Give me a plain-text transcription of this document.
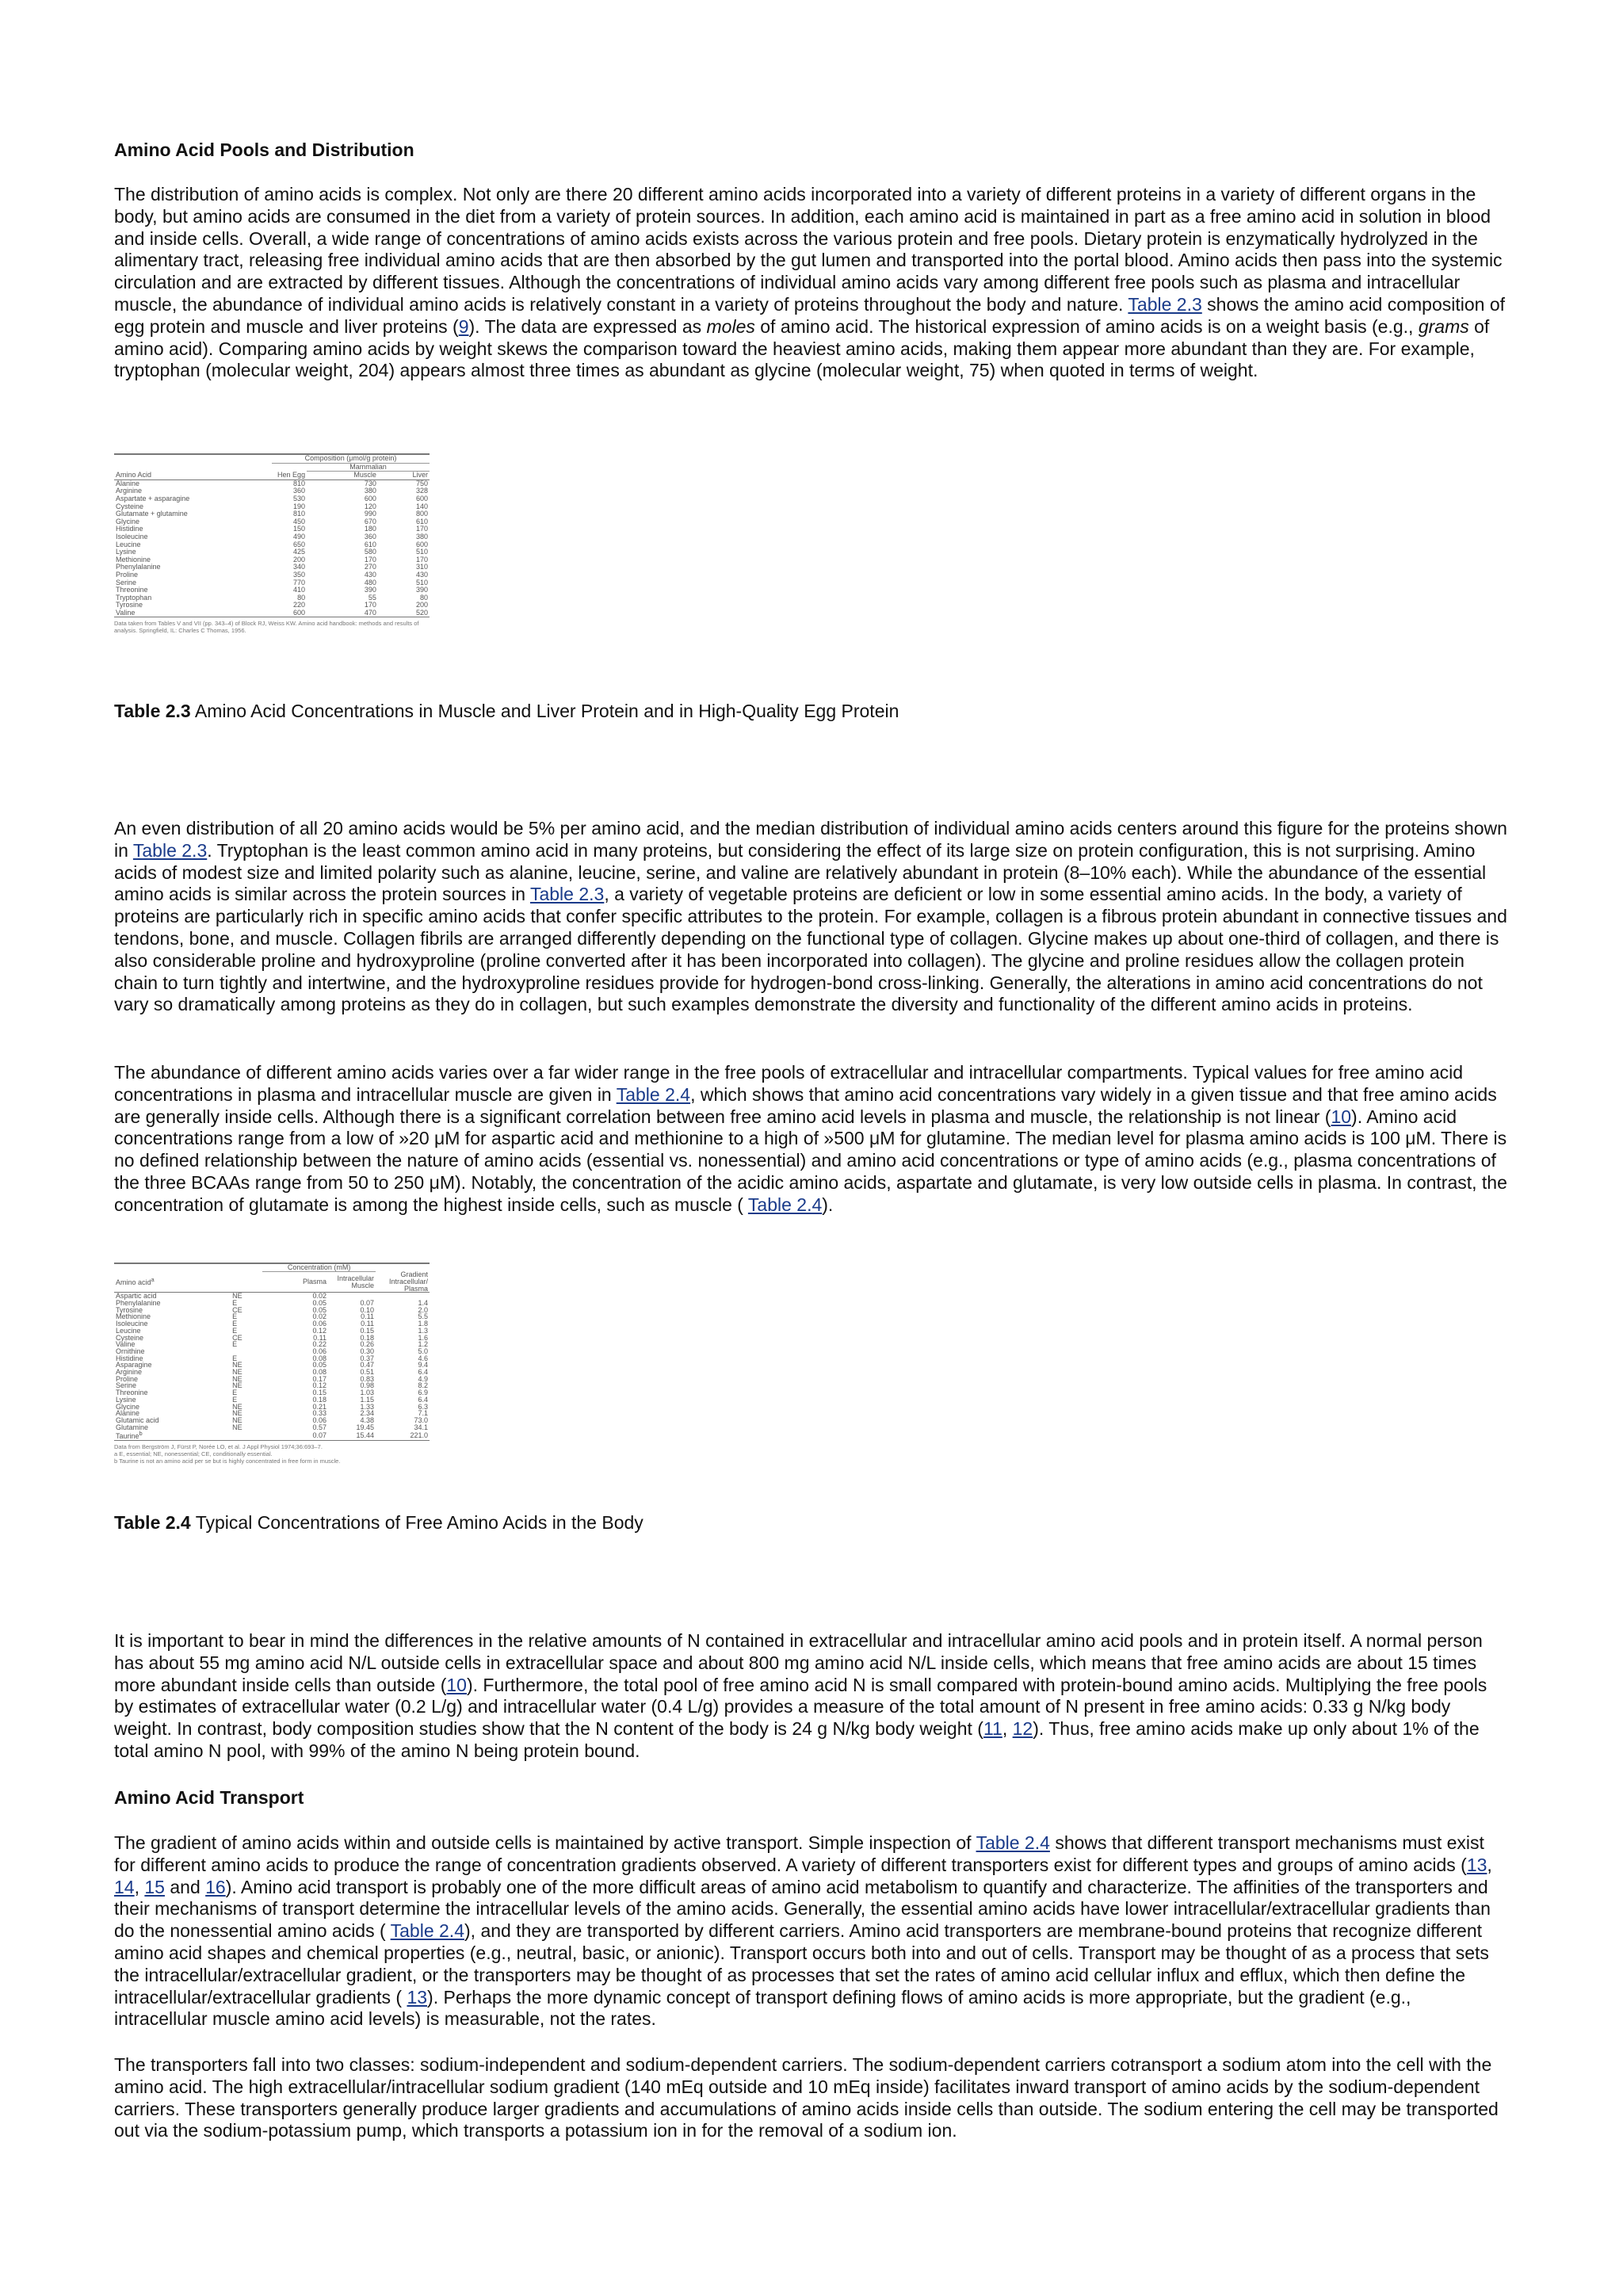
Amino Acid Pools and Distribution

The distribution of amino acids is complex. Not only are there 20 different amino acids incorporated into a variety of different proteins in a variety of different organs in the body, but amino acids are consumed in the diet from a variety of protein sources. In addition, each amino acid is maintained in part as a free amino acid in solution in blood and inside cells. Overall, a wide range of concentrations of amino acids exists across the various protein and free pools. Dietary protein is enzymatically hydrolyzed in the alimentary tract, releasing free individual amino acids that are then absorbed by the gut lumen and transported into the portal blood. Amino acids then pass into the systemic circulation and are extracted by different tissues. Although the concentrations of individual amino acids vary among different free pools such as plasma and intracellular muscle, the abundance of individual amino acids is relatively constant in a variety of proteins throughout the body and nature. Table 2.3 shows the amino acid composition of egg protein and muscle and liver proteins (9). The data are expressed as moles of amino acid. The historical expression of amino acids is on a weight basis (e.g., grams of amino acid). Comparing amino acids by weight skews the comparison toward the heaviest amino acids, making them appear more abundant than they are. For example, tryptophan (molecular weight, 204) appears almost three times as abundant as glycine (molecular weight, 75) when quoted in terms of weight.

	Composition (μmol/g protein)		
		Mammalian	
Amino Acid	Hen Egg	Muscle	Liver
Alanine	810	730	750
Arginine	360	380	328
Aspartate + asparagine	530	600	600
Cysteine	190	120	140
Glutamate + glutamine	810	990	800
Glycine	450	670	610
Histidine	150	180	170
Isoleucine	490	360	380
Leucine	650	610	600
Lysine	425	580	510
Methionine	200	170	170
Phenylalanine	340	270	310
Proline	350	430	430
Serine	770	480	510
Threonine	410	390	390
Tryptophan	80	55	80
Tyrosine	220	170	200
Valine	600	470	520
Data taken from Tables V and VII (pp. 343–4) of Block RJ, Weiss KW. Amino acid handbook: methods and results of analysis. Springfield, IL: Charles C Thomas, 1956.
Table 2.3 Amino Acid Concentrations in Muscle and Liver Protein and in High-Quality Egg Protein

An even distribution of all 20 amino acids would be 5% per amino acid, and the median distribution of individual amino acids centers around this figure for the proteins shown in Table 2.3. Tryptophan is the least common amino acid in many proteins, but considering the effect of its large size on protein configuration, this is not surprising. Amino acids of modest size and limited polarity such as alanine, leucine, serine, and valine are relatively abundant in protein (8–10% each). While the abundance of the essential amino acids is similar across the protein sources in Table 2.3, a variety of vegetable proteins are deficient or low in some essential amino acids. In the body, a variety of proteins are particularly rich in specific amino acids that confer specific attributes to the protein. For example, collagen is a fibrous protein abundant in connective tissues and tendons, bone, and muscle. Collagen fibrils are arranged differently depending on the functional type of collagen. Glycine makes up about one-third of collagen, and there is also considerable proline and hydroxyproline (proline converted after it has been incorporated into collagen). The glycine and proline residues allow the collagen protein chain to turn tightly and intertwine, and the hydroxyproline residues provide for hydrogen-bond cross-linking. Generally, the alterations in amino acid concentrations do not vary so dramatically among proteins as they do in collagen, but such examples demonstrate the diversity and functionality of the different amino acids in proteins.

The abundance of different amino acids varies over a far wider range in the free pools of extracellular and intracellular compartments. Typical values for free amino acid concentrations in plasma and intracellular muscle are given in Table 2.4, which shows that amino acid concentrations vary widely in a given tissue and that free amino acids are generally inside cells. Although there is a significant correlation between free amino acid levels in plasma and muscle, the relationship is not linear (10). Amino acid concentrations range from a low of »20 μM for aspartic acid and methionine to a high of »500 μM for glutamine. The median level for plasma amino acids is 100 μM. There is no defined relationship between the nature of amino acids (essential vs. nonessential) and amino acid concentrations or type of amino acids (e.g., plasma concentrations of the three BCAAs range from 50 to 250 μM). Notably, the concentration of the acidic amino acids, aspartate and glutamate, is very low outside cells in plasma. In contrast, the concentration of glutamate is among the highest inside cells, such as muscle ( Table 2.4).

		Concentration (mM)		
Amino acid$^a$		Plasma	Intracellular Muscle	Gradient Intracellular/ Plasma
Aspartic acid	NE	0.02		
Phenylalanine	E	0.05	0.07	1.4
Tyrosine	CE	0.05	0.10	2.0
Methionine	E	0.02	0.11	5.5
Isoleucine	E	0.06	0.11	1.8
Leucine	E	0.12	0.15	1.3
Cysteine	CE	0.11	0.18	1.6
Valine	E	0.22	0.26	1.2
Ornithine		0.06	0.30	5.0
Histidine	E	0.08	0.37	4.6
Asparagine	NE	0.05	0.47	9.4
Arginine	NE	0.08	0.51	6.4
Proline	NE	0.17	0.83	4.9
Serine	NE	0.12	0.98	8.2
Threonine	E	0.15	1.03	6.9
Lysine	E	0.18	1.15	6.4
Glycine	NE	0.21	1.33	6.3
Alanine	NE	0.33	2.34	7.1
Glutamic acid	NE	0.06	4.38	73.0
Glutamine	NE	0.57	19.45	34.1
Taurine$^b$		0.07	15.44	221.0
Data from Bergström J, Fürst P, Norée LO, et al. J Appl Physiol 1974;36:693–7.
a E, essential; NE, nonessential; CE, conditionally essential.
b Taurine is not an amino acid per se but is highly concentrated in free form in muscle.
Table 2.4 Typical Concentrations of Free Amino Acids in the Body

It is important to bear in mind the differences in the relative amounts of N contained in extracellular and intracellular amino acid pools and in protein itself. A normal person has about 55 mg amino acid N/L outside cells in extracellular space and about 800 mg amino acid N/L inside cells, which means that free amino acids are about 15 times more abundant inside cells than outside (10). Furthermore, the total pool of free amino acid N is small compared with protein-bound amino acids. Multiplying the free pools by estimates of extracellular water (0.2 L/g) and intracellular water (0.4 L/g) provides a measure of the total amount of N present in free amino acids: 0.33 g N/kg body weight. In contrast, body composition studies show that the N content of the body is 24 g N/kg body weight (11, 12). Thus, free amino acids make up only about 1% of the total amino N pool, with 99% of the amino N being protein bound.

Amino Acid Transport

The gradient of amino acids within and outside cells is maintained by active transport. Simple inspection of Table 2.4 shows that different transport mechanisms must exist for different amino acids to produce the range of concentration gradients observed. A variety of different transporters exist for different types and groups of amino acids (13, 14, 15 and 16). Amino acid transport is probably one of the more difficult areas of amino acid metabolism to quantify and characterize. The affinities of the transporters and their mechanisms of transport determine the intracellular levels of the amino acids. Generally, the essential amino acids have lower intracellular/extracellular gradients than do the nonessential amino acids ( Table 2.4), and they are transported by different carriers. Amino acid transporters are membrane-bound proteins that recognize different amino acid shapes and chemical properties (e.g., neutral, basic, or anionic). Transport occurs both into and out of cells. Transport may be thought of as a process that sets the intracellular/extracellular gradient, or the transporters may be thought of as processes that set the rates of amino acid cellular influx and efflux, which then define the intracellular/extracellular gradients ( 13). Perhaps the more dynamic concept of transport defining flows of amino acids is more appropriate, but the gradient (e.g., intracellular muscle amino acid levels) is measurable, not the rates.

The transporters fall into two classes: sodium-independent and sodium-dependent carriers. The sodium-dependent carriers cotransport a sodium atom into the cell with the amino acid. The high extracellular/intracellular sodium gradient (140 mEq outside and 10 mEq inside) facilitates inward transport of amino acids by the sodium-dependent carriers. These transporters generally produce larger gradients and accumulations of amino acids inside cells than outside. The sodium entering the cell may be transported out via the sodium-potassium pump, which transports a potassium ion in for the removal of a sodium ion.
